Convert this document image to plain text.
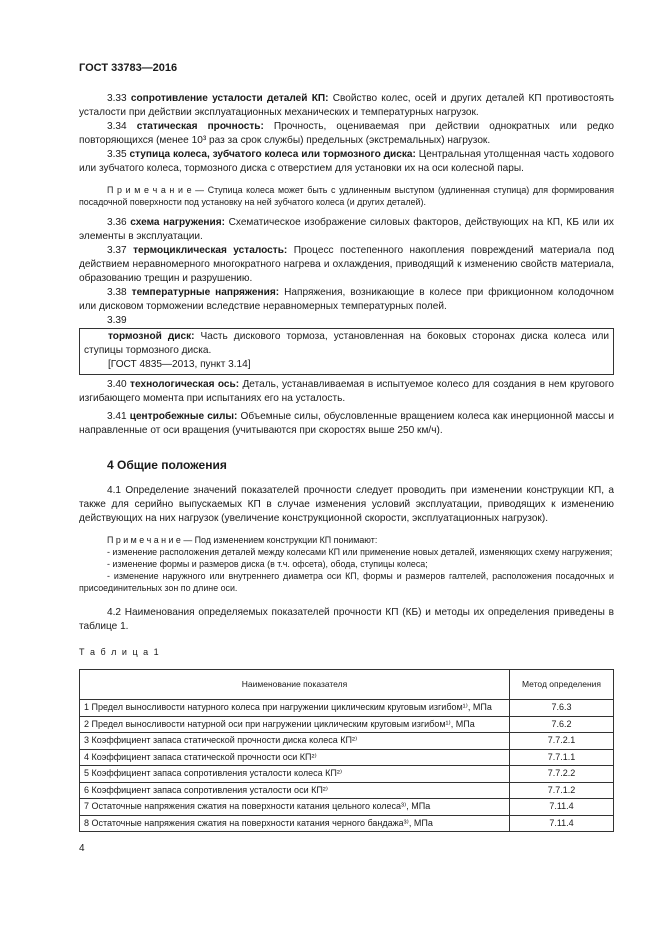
ГОСТ 33783—2016

3.33 сопротивление усталости деталей КП: Свойство колес, осей и других деталей КП противостоять усталости при действии эксплуатационных механических и температурных нагрузок.

3.34 статическая прочность: Прочность, оцениваемая при действии однократных или редко повторяющихся (менее 10³ раз за срок службы) предельных (экстремальных) нагрузок.

3.35 ступица колеса, зубчатого колеса или тормозного диска: Центральная утолщенная часть ходового или зубчатого колеса, тормозного диска с отверстием для установки их на оси колесной пары.

П р и м е ч а н и е — Ступица колеса может быть с удлиненным выступом (удлиненная ступица) для формирования посадочной поверхности под установку на ней зубчатого колеса (и других деталей).

3.36 схема нагружения: Схематическое изображение силовых факторов, действующих на КП, КБ или их элементы в эксплуатации.

3.37 термоциклическая усталость: Процесс постепенного накопления повреждений материала под действием неравномерного многократного нагрева и охлаждения, приводящий к изменению свойств материала, образованию трещин и разрушению.

3.38 температурные напряжения: Напряжения, возникающие в колесе при фрикционном колодочном или дисковом торможении вследствие неравномерных температурных полей.

3.39

тормозной диск: Часть дискового тормоза, установленная на боковых сторонах диска колеса или ступицы тормозного диска.

[ГОСТ 4835—2013, пункт 3.14]

3.40 технологическая ось: Деталь, устанавливаемая в испытуемое колесо для создания в нем кругового изгибающего момента при испытаниях его на усталость.

3.41 центробежные силы: Объемные силы, обусловленные вращением колеса как инерционной массы и направленные от оси вращения (учитываются при скоростях выше 250 км/ч).

4 Общие положения

4.1 Определение значений показателей прочности следует проводить при изменении конструкции КП, а также для серийно выпускаемых КП в случае изменения условий эксплуатации, приводящих к изменению действующих на них нагрузок (увеличение конструкционной скорости, эксплуатационных нагрузок).

П р и м е ч а н и е — Под изменением конструкции КП понимают:

- изменение расположения деталей между колесами КП или применение новых деталей, изменяющих схему нагружения;

- изменение формы и размеров диска (в т.ч. офсета), обода, ступицы колеса;

- изменение наружного или внутреннего диаметра оси КП, формы и размеров галтелей, расположения посадочных и присоединительных зон по длине оси.

4.2 Наименования определяемых показателей прочности КП (КБ) и методы их определения приведены в таблице 1.

Т а б л и ц а 1
Наименование показателя	Метод определения
1 Предел выносливости натурного колеса при нагружении циклическим круговым изгибом¹⁾, МПа	7.6.3
2 Предел выносливости натурной оси при нагружении циклическим круговым изгибом¹⁾, МПа	7.6.2
3 Коэффициент запаса статической прочности диска колеса КП²⁾	7.7.2.1
4 Коэффициент запаса статической прочности оси КП²⁾	7.7.1.1
5 Коэффициент запаса сопротивления усталости колеса КП²⁾	7.7.2.2
6 Коэффициент запаса сопротивления усталости оси КП²⁾	7.7.1.2
7 Остаточные напряжения сжатия на поверхности катания цельного колеса³⁾, МПа	7.11.4
8 Остаточные напряжения сжатия на поверхности катания черного бандажа³⁾, МПа	7.11.4
4
